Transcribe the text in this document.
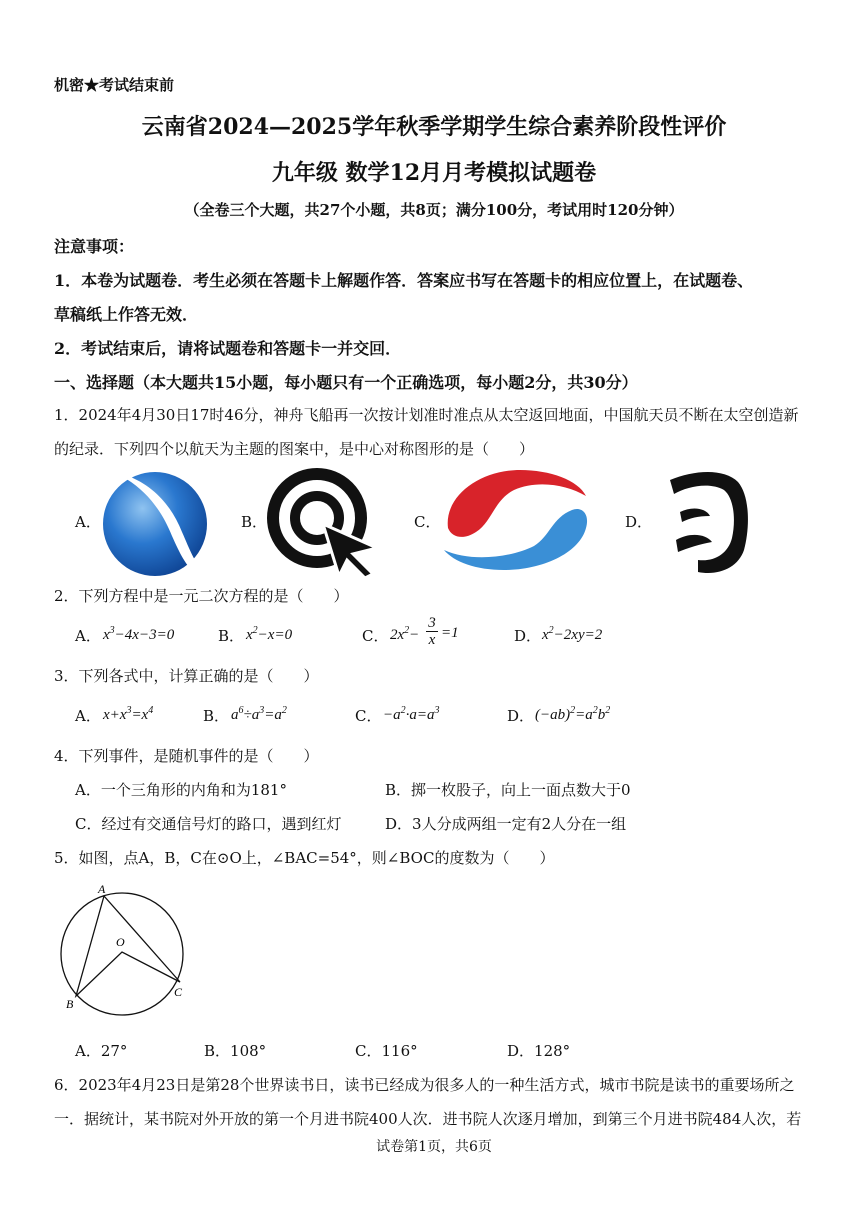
机密★考试结束前
云南省2024—2025学年秋季学期学生综合素养阶段性评价
九年级 数学12月月考模拟试题卷
（全卷三个大题，共27个小题，共8页；满分100分，考试用时120分钟）
注意事项：
1．本卷为试题卷．考生必须在答题卡上解题作答．答案应书写在答题卡的相应位置上，在试题卷、
草稿纸上作答无效．
2．考试结束后，请将试题卷和答题卡一并交回．
一、选择题（本大题共15小题，每小题只有一个正确选项，每小题2分，共30分）
1．2024年4月30日17时46分，神舟飞船再一次按计划准时准点从太空返回地面，中国航天员不断在太空创造新
的纪录．下列四个以航天为主题的图案中，是中心对称图形的是（　　）
A．	B．	C．	D．
2．下列方程中是一元二次方程的是（　　）
A． $x^3-4x-3=0$	B． $x^2-x=0$	C． $2x^2-$
3
x =1	D． $x^2-2xy=2$
3．下列各式中，计算正确的是（　　）
A． $x+x^3=x^4$	B． $a^6\div a^3=a^2$	C． $-a^2\cdot a=a^3$	D． $(-ab)^2=a^2b^2$
4．下列事件，是随机事件的是（　　）
A．一个三角形的内角和为181°	B．掷一枚股子，向上一面点数大于0
C．经过有交通信号灯的路口，遇到红灯	D．3人分成两组一定有2人分在一组
5．如图，点A，B，C在⊙O上，∠BAC=54°，则∠BOC的度数为（　　）
A
B
C
O
A．27°	B．108°	C．116°	D．128°
6．2023年4月23日是第28个世界读书日，读书已经成为很多人的一种生活方式，城市书院是读书的重要场所之
一．据统计，某书院对外开放的第一个月进书院400人次．进书院人次逐月增加，到第三个月进书院484人次，若
试卷第1页，共6页
